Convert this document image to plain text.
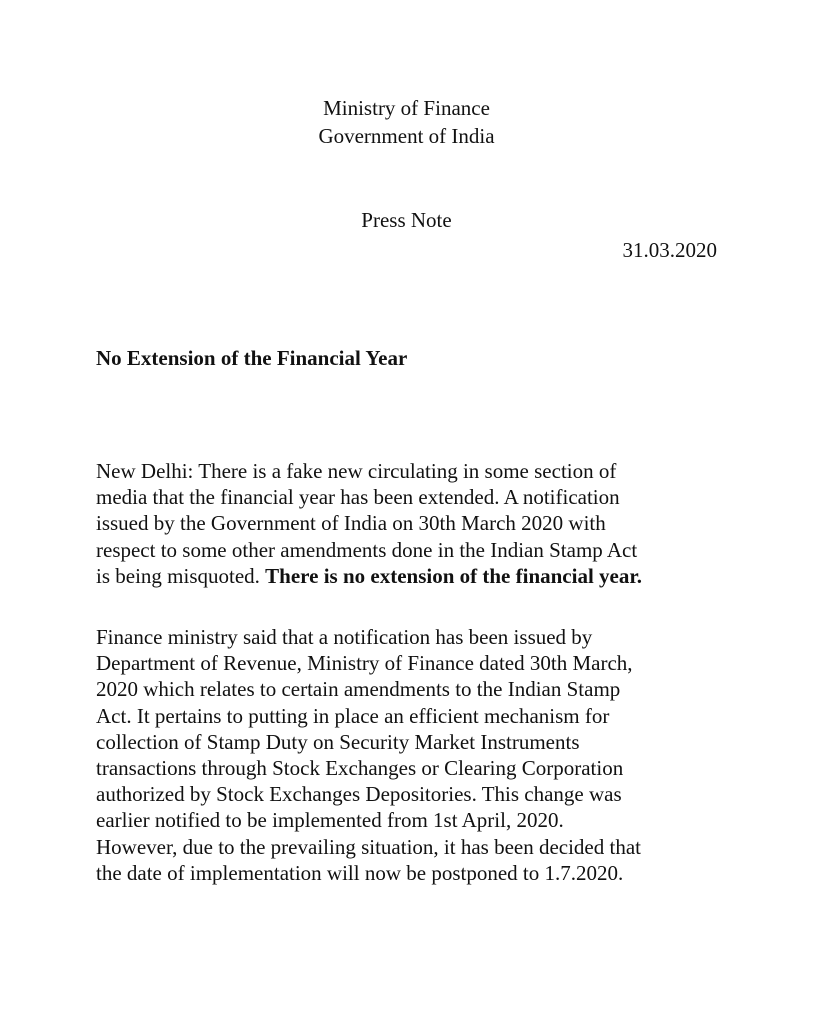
Ministry of Finance
Government of India
Press Note
31.03.2020
No Extension of the Financial Year
New Delhi: There is a fake new circulating in some section of
media that the financial year has been extended. A notification
issued by the Government of India on 30th March 2020 with
respect to some other amendments done in the Indian Stamp Act
is being misquoted. There is no extension of the financial year.
Finance ministry said that a notification has been issued by
Department of Revenue, Ministry of Finance dated 30th March,
2020 which relates to certain amendments to the Indian Stamp
Act. It pertains to putting in place an efficient mechanism for
collection of Stamp Duty on Security Market Instruments
transactions through Stock Exchanges or Clearing Corporation
authorized by Stock Exchanges Depositories. This change was
earlier notified to be implemented from 1st April, 2020.
However, due to the prevailing situation, it has been decided that
the date of implementation will now be postponed to 1.7.2020.
